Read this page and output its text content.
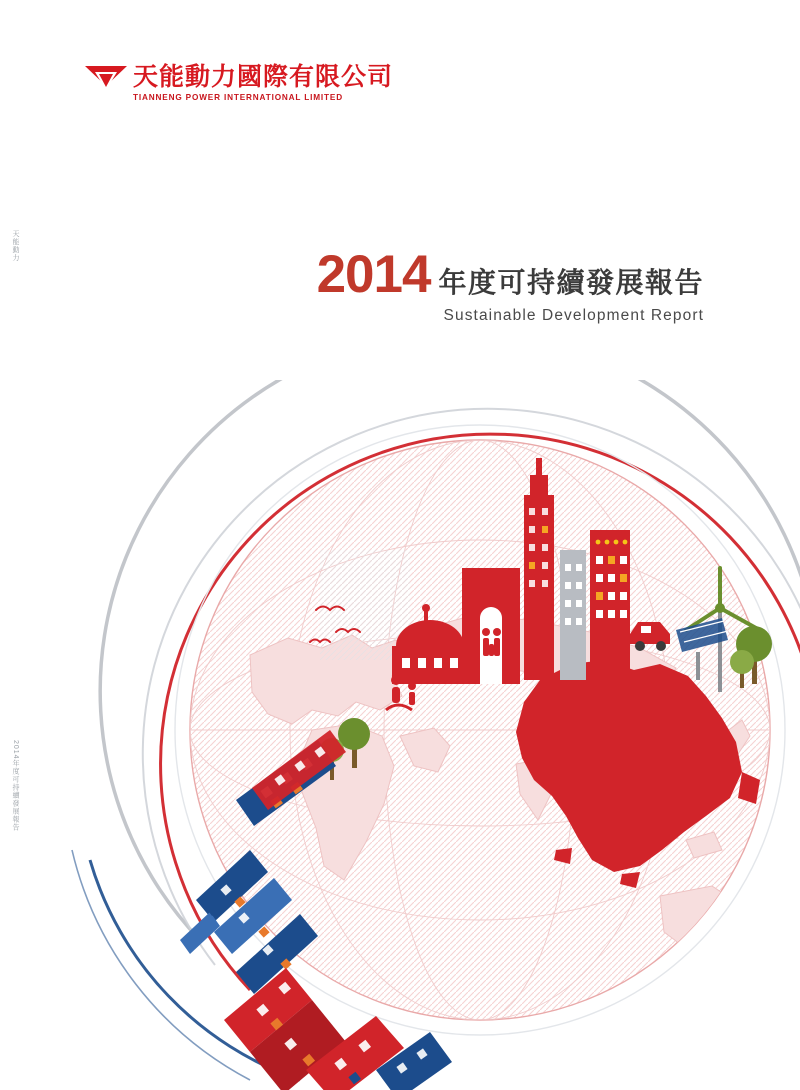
天能動力國際有限公司
TIANNENG POWER INTERNATIONAL LIMITED
2014 年度可持續發展報告
Sustainable Development Report
天能動力
2014年度可持續發展報告
